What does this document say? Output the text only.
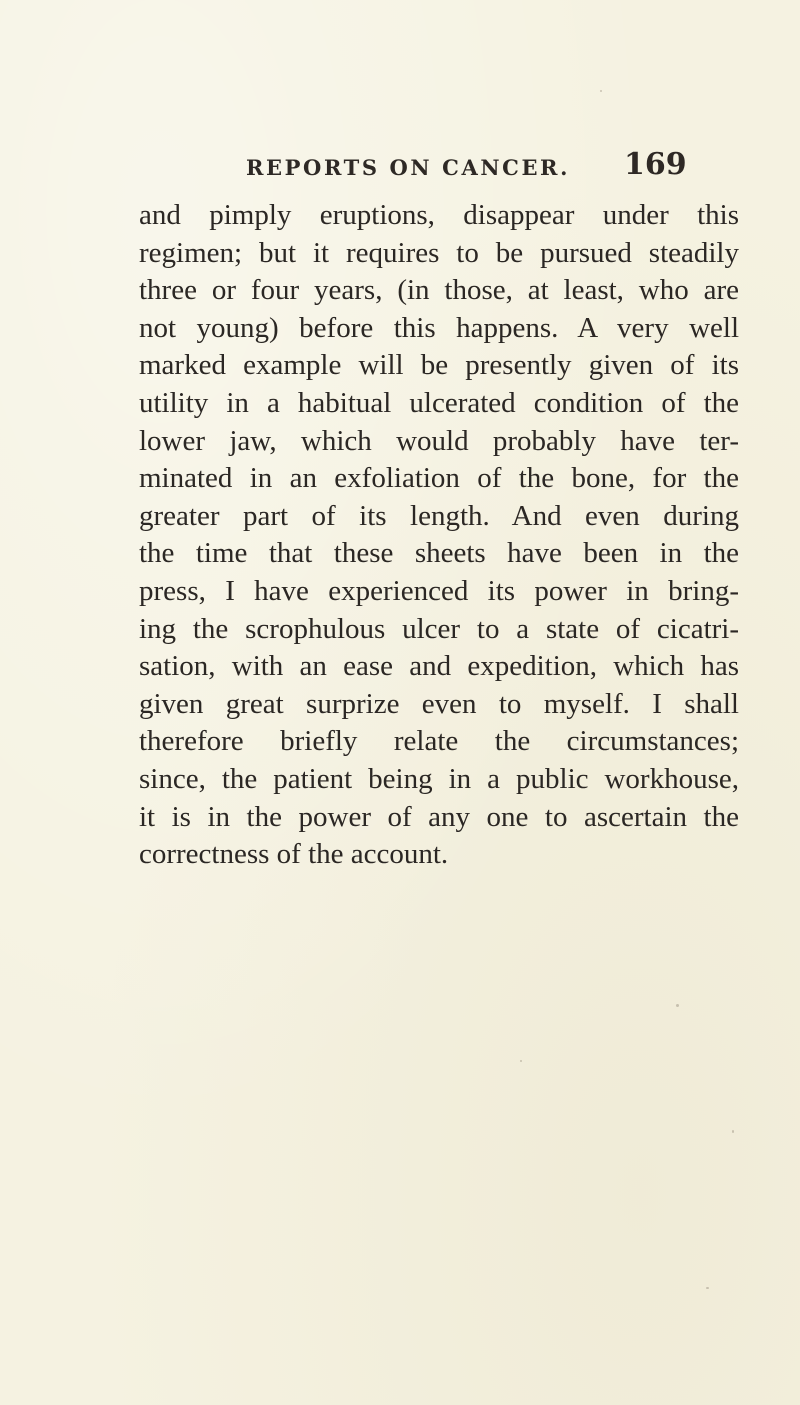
REPORTS ON CANCER. 169
and pimply eruptions, disappear under this
regimen; but it requires to be pursued steadily
three or four years, (in those, at least, who are
not young) before this happens. A very well
marked example will be presently given of its
utility in a habitual ulcerated condition of the
lower jaw, which would probably have ter-
minated in an exfoliation of the bone, for the
greater part of its length. And even during
the time that these sheets have been in the
press, I have experienced its power in bring-
ing the scrophulous ulcer to a state of cicatri-
sation, with an ease and expedition, which has
given great surprize even to myself. I shall
therefore briefly relate the circumstances;
since, the patient being in a public workhouse,
it is in the power of any one to ascertain the
correctness of the account.
